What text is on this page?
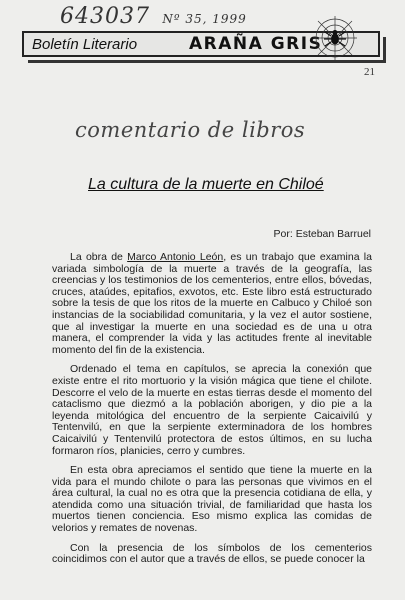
643037 Nº 35, 1999
Boletín Literario	ARAÑA GRIS
21
comentario de libros
La cultura de la muerte en Chiloé
Por: Esteban Barruel

La obra de Marco Antonio León, es un trabajo que examina la variada simbología de la muerte a través de la geografía, las creencias y los testimonios de los cementerios, entre ellos, bóvedas, cruces, ataúdes, epitafios, exvotos, etc. Este libro está estructurado sobre la tesis de que los ritos de la muerte en Calbuco y Chiloé son instancias de la sociabilidad comunitaria, y la vez el autor sostiene, que al investigar la muerte en una sociedad es de una u otra manera, el comprender la vida y las actitudes frente al inevitable momento del fin de la existencia.

Ordenado el tema en capítulos, se aprecia la conexión que existe entre el rito mortuorio y la visión mágica que tiene el chilote. Descorre el velo de la muerte en estas tierras desde el momento del cataclismo que diezmó a la población aborigen, y dio pie a la leyenda mitológica del encuentro de la serpiente Caicaivilú y Tentenvilú, en que la serpiente exterminadora de los hombres Caicaivilú y Tentenvilú protectora de estos últimos, en su lucha formaron ríos, planicies, cerro y cumbres.

En esta obra apreciamos el sentido que tiene la muerte en la vida para el mundo chilote o para las personas que vivimos en el área cultural, la cual no es otra que la presencia cotidiana de ella, y atendida como una situación trivial, de familiaridad que hasta los muertos tienen conciencia. Eso mismo explica las comidas de velorios y remates de novenas.

Con la presencia de los símbolos de los cementerios coincidimos con el autor que a través de ellos, se puede conocer la
